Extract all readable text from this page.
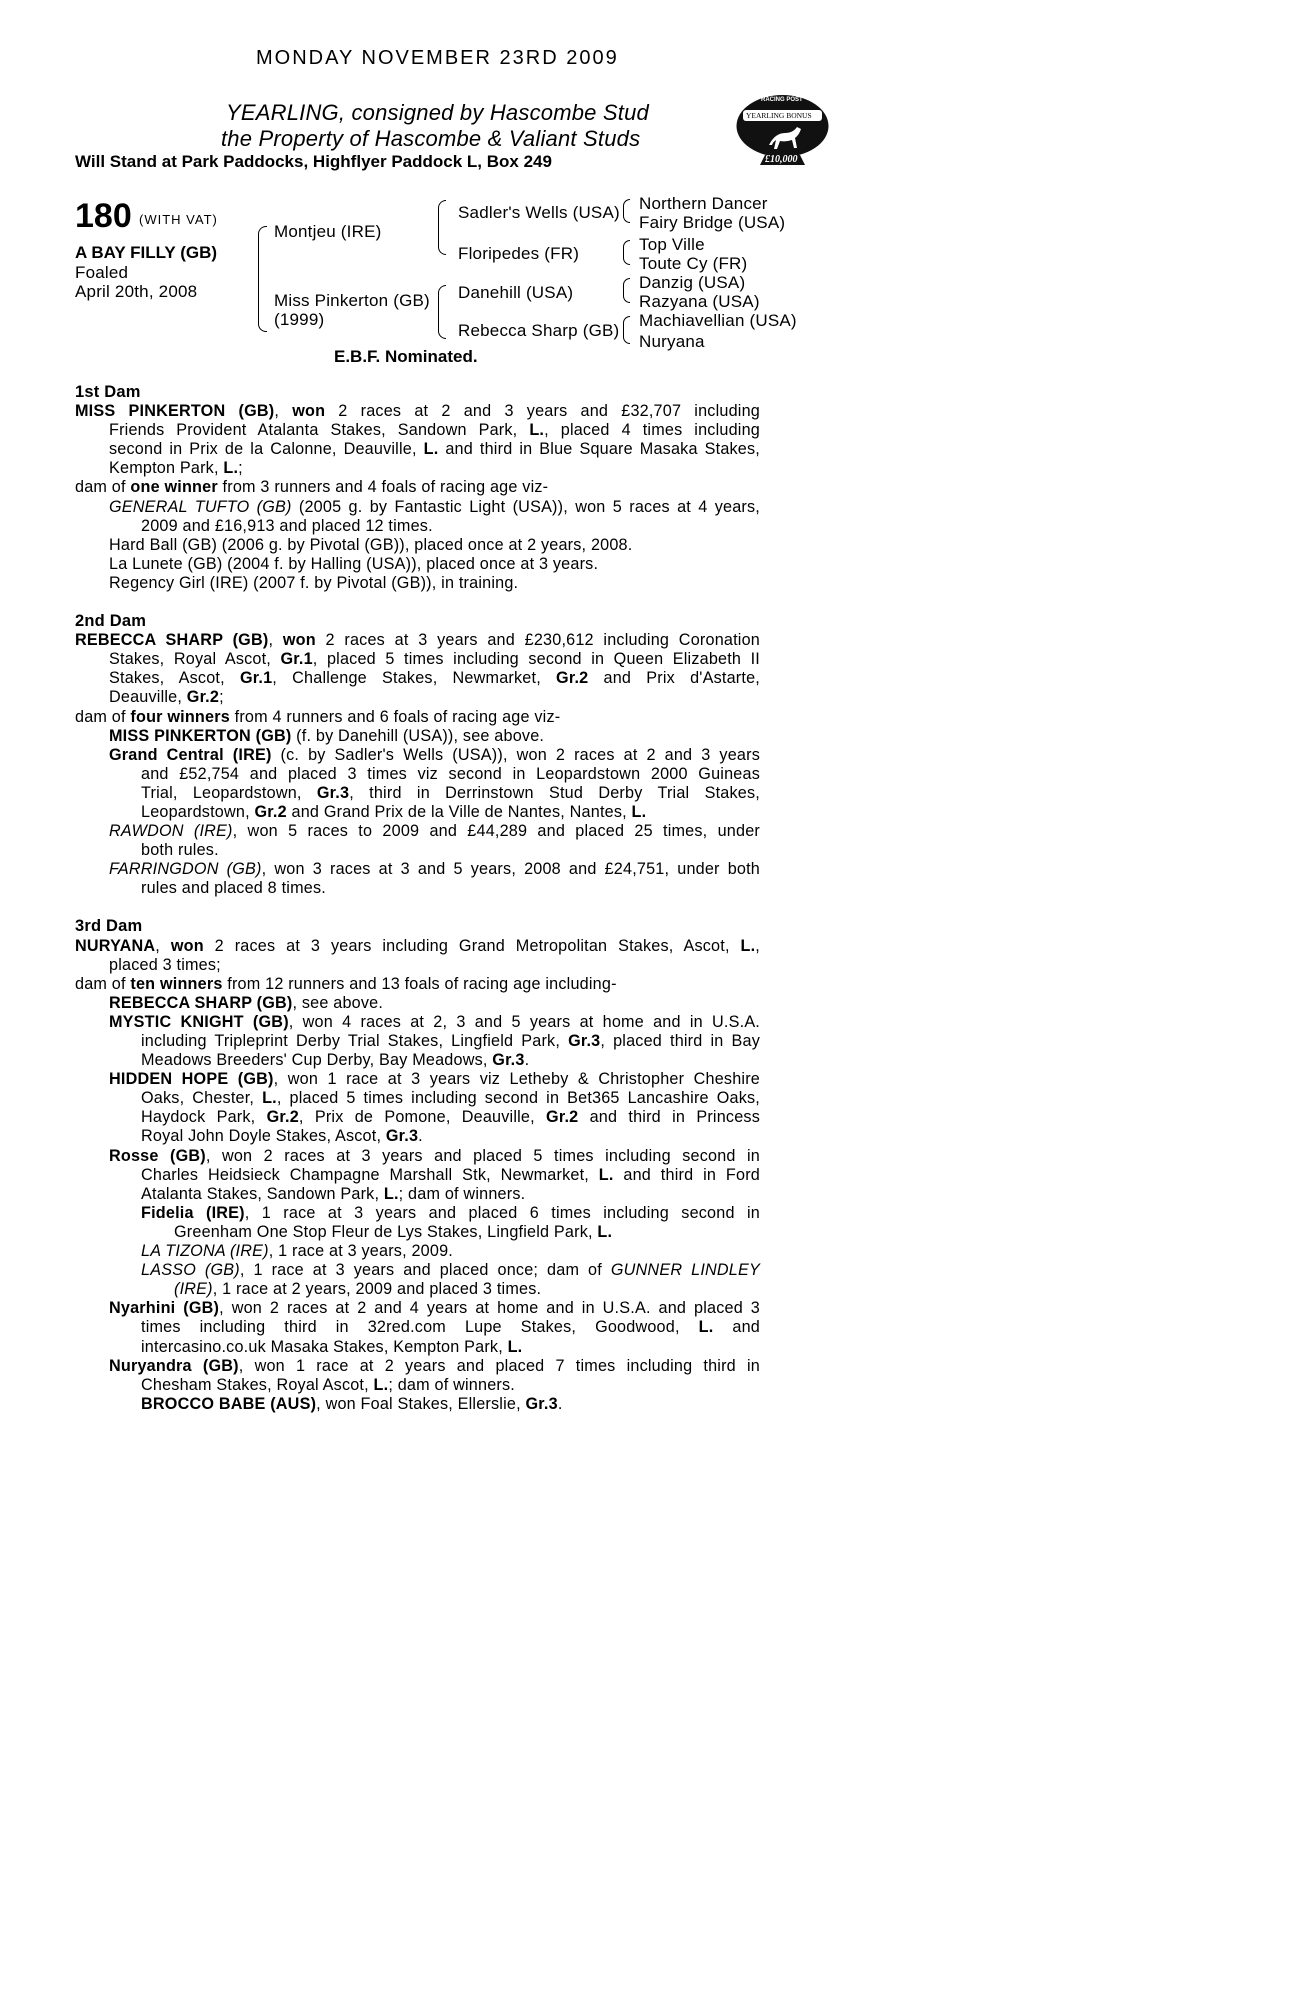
MONDAY NOVEMBER 23RD 2009
YEARLING, consigned by Hascombe Stud
the Property of Hascombe & Valiant Studs
Will Stand at Park Paddocks, Highflyer Paddock L, Box 249
RACING POST
YEARLING BONUS
£10,000
180 (WITH VAT)
A BAY FILLY (GB)
Foaled
April 20th, 2008
Montjeu (IRE)
Miss Pinkerton (GB)
(1999)
Sadler's Wells (USA)
Floripedes (FR)
Danehill (USA)
Rebecca Sharp (GB)
Northern Dancer
Fairy Bridge (USA)
Top Ville
Toute Cy (FR)
Danzig (USA)
Razyana (USA)
Machiavellian (USA)
Nuryana
E.B.F. Nominated.
1st Dam
MISS PINKERTON (GB), won 2 races at 2 and 3 years and £32,707 including
Friends Provident Atalanta Stakes, Sandown Park, L., placed 4 times including
second in Prix de la Calonne, Deauville, L. and third in Blue Square Masaka Stakes,
Kempton Park, L.;
dam of one winner from 3 runners and 4 foals of racing age viz-
GENERAL TUFTO (GB) (2005 g. by Fantastic Light (USA)), won 5 races at 4 years,
2009 and £16,913 and placed 12 times.
Hard Ball (GB) (2006 g. by Pivotal (GB)), placed once at 2 years, 2008.
La Lunete (GB) (2004 f. by Halling (USA)), placed once at 3 years.
Regency Girl (IRE) (2007 f. by Pivotal (GB)), in training.
2nd Dam
REBECCA SHARP (GB), won 2 races at 3 years and £230,612 including Coronation
Stakes, Royal Ascot, Gr.1, placed 5 times including second in Queen Elizabeth II
Stakes, Ascot, Gr.1, Challenge Stakes, Newmarket, Gr.2 and Prix d'Astarte,
Deauville, Gr.2;
dam of four winners from 4 runners and 6 foals of racing age viz-
MISS PINKERTON (GB) (f. by Danehill (USA)), see above.
Grand Central (IRE) (c. by Sadler's Wells (USA)), won 2 races at 2 and 3 years
and £52,754 and placed 3 times viz second in Leopardstown 2000 Guineas
Trial, Leopardstown, Gr.3, third in Derrinstown Stud Derby Trial Stakes,
Leopardstown, Gr.2 and Grand Prix de la Ville de Nantes, Nantes, L.
RAWDON (IRE), won 5 races to 2009 and £44,289 and placed 25 times, under
both rules.
FARRINGDON (GB), won 3 races at 3 and 5 years, 2008 and £24,751, under both
rules and placed 8 times.
3rd Dam
NURYANA, won 2 races at 3 years including Grand Metropolitan Stakes, Ascot, L.,
placed 3 times;
dam of ten winners from 12 runners and 13 foals of racing age including-
REBECCA SHARP (GB), see above.
MYSTIC KNIGHT (GB), won 4 races at 2, 3 and 5 years at home and in U.S.A.
including Tripleprint Derby Trial Stakes, Lingfield Park, Gr.3, placed third in Bay
Meadows Breeders' Cup Derby, Bay Meadows, Gr.3.
HIDDEN HOPE (GB), won 1 race at 3 years viz Letheby & Christopher Cheshire
Oaks, Chester, L., placed 5 times including second in Bet365 Lancashire Oaks,
Haydock Park, Gr.2, Prix de Pomone, Deauville, Gr.2 and third in Princess
Royal John Doyle Stakes, Ascot, Gr.3.
Rosse (GB), won 2 races at 3 years and placed 5 times including second in
Charles Heidsieck Champagne Marshall Stk, Newmarket, L. and third in Ford
Atalanta Stakes, Sandown Park, L.; dam of winners.
Fidelia (IRE), 1 race at 3 years and placed 6 times including second in
Greenham One Stop Fleur de Lys Stakes, Lingfield Park, L.
LA TIZONA (IRE), 1 race at 3 years, 2009.
LASSO (GB), 1 race at 3 years and placed once; dam of GUNNER LINDLEY
(IRE), 1 race at 2 years, 2009 and placed 3 times.
Nyarhini (GB), won 2 races at 2 and 4 years at home and in U.S.A. and placed 3
times including third in 32red.com Lupe Stakes, Goodwood, L. and
intercasino.co.uk Masaka Stakes, Kempton Park, L.
Nuryandra (GB), won 1 race at 2 years and placed 7 times including third in
Chesham Stakes, Royal Ascot, L.; dam of winners.
BROCCO BABE (AUS), won Foal Stakes, Ellerslie, Gr.3.
